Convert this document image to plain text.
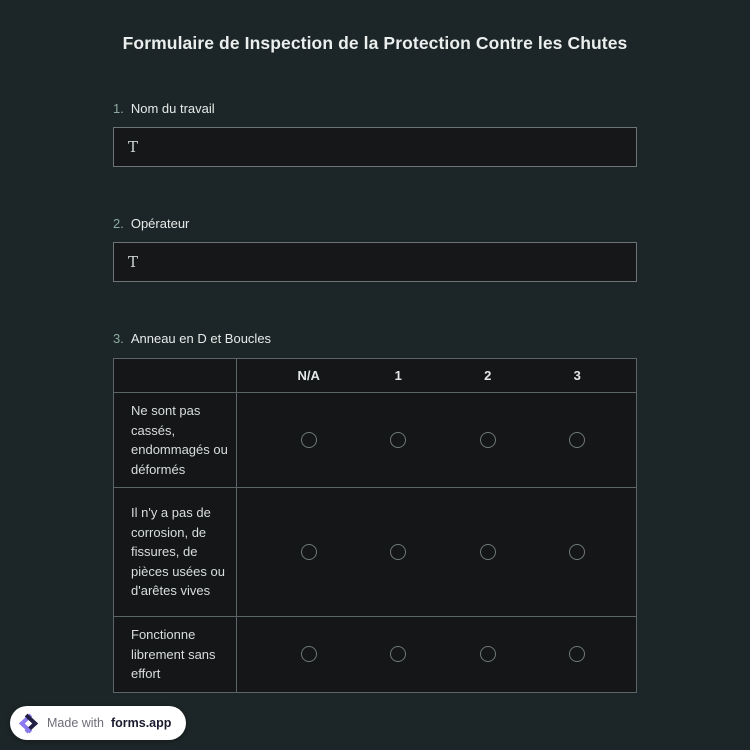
Formulaire de Inspection de la Protection Contre les Chutes
1. Nom du travail
T
2. Opérateur
T
3. Anneau en D et Boucles
N/A	1	2	3
Ne sont pas cassés, endommagés ou déformés
Il n'y a pas de corrosion, de fissures, de pièces usées ou d'arêtes vives
Fonctionne librement sans effort
Made with forms.app
